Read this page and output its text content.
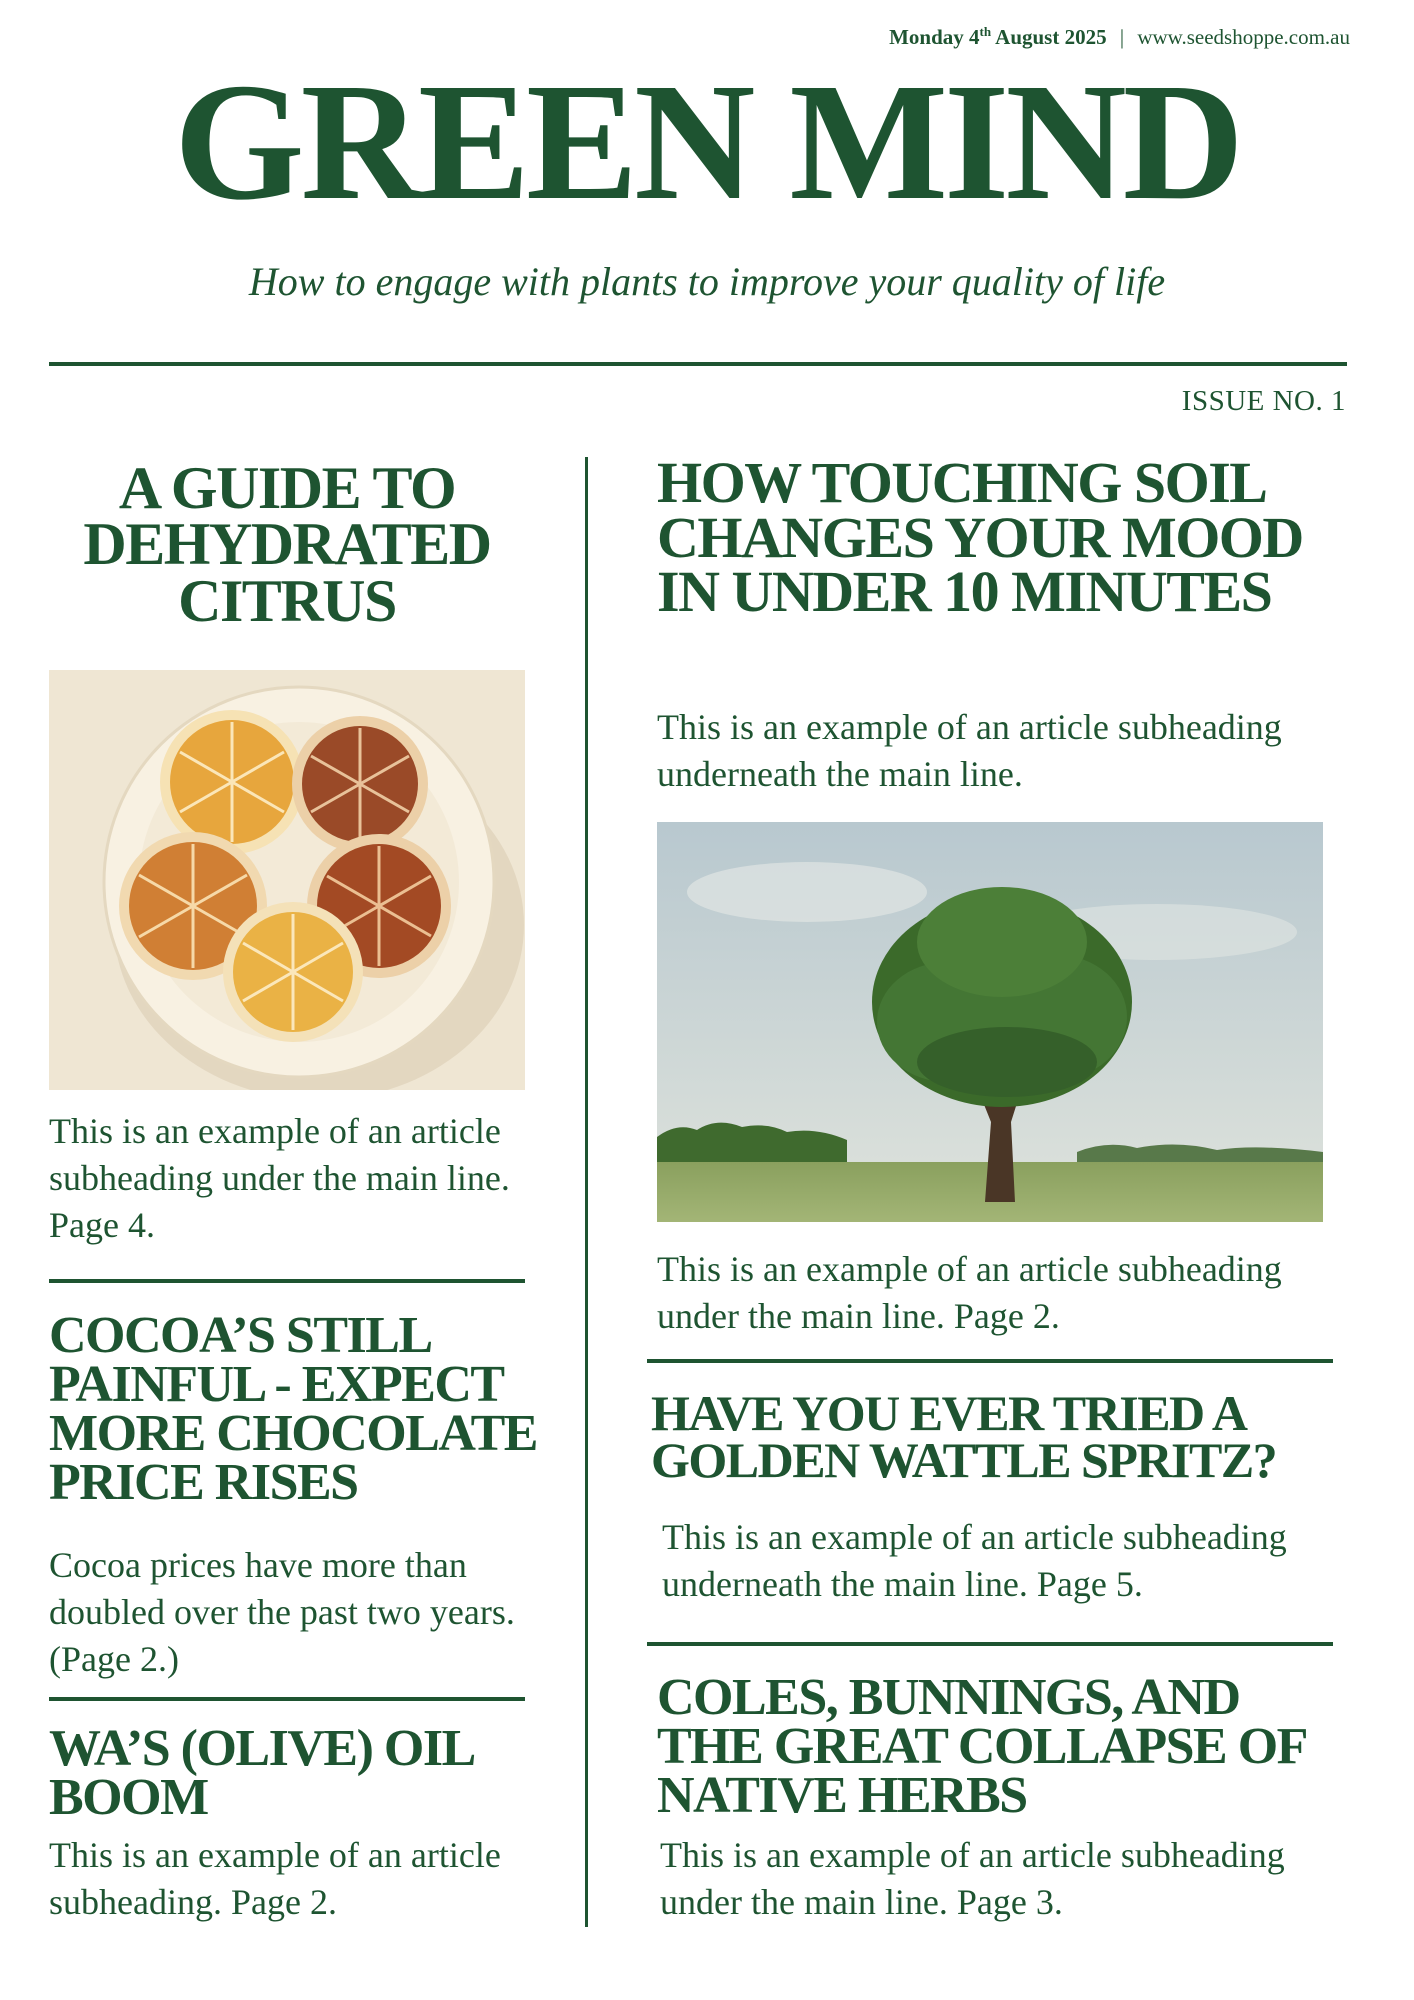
Monday 4th August 2025 | www.seedshoppe.com.au
GREEN MIND
How to engage with plants to improve your quality of life
ISSUE NO. 1
A GUIDE TO DEHYDRATED CITRUS
This is an example of an article subheading under the main line. Page 4.
COCOA’S STILL PAINFUL - EXPECT MORE CHOCOLATE PRICE RISES
Cocoa prices have more than doubled over the past two years. (Page 2.)
WA’S (OLIVE) OIL BOOM
This is an example of an article subheading. Page 2.
HOW TOUCHING SOIL CHANGES YOUR MOOD IN UNDER 10 MINUTES
This is an example of an article subheading underneath the main line.
This is an example of an article subheading under the main line. Page 2.
HAVE YOU EVER TRIED A GOLDEN WATTLE SPRITZ?
This is an example of an article subheading underneath the main line. Page 5.
COLES, BUNNINGS, AND THE GREAT COLLAPSE OF NATIVE HERBS
This is an example of an article subheading under the main line. Page 3.
